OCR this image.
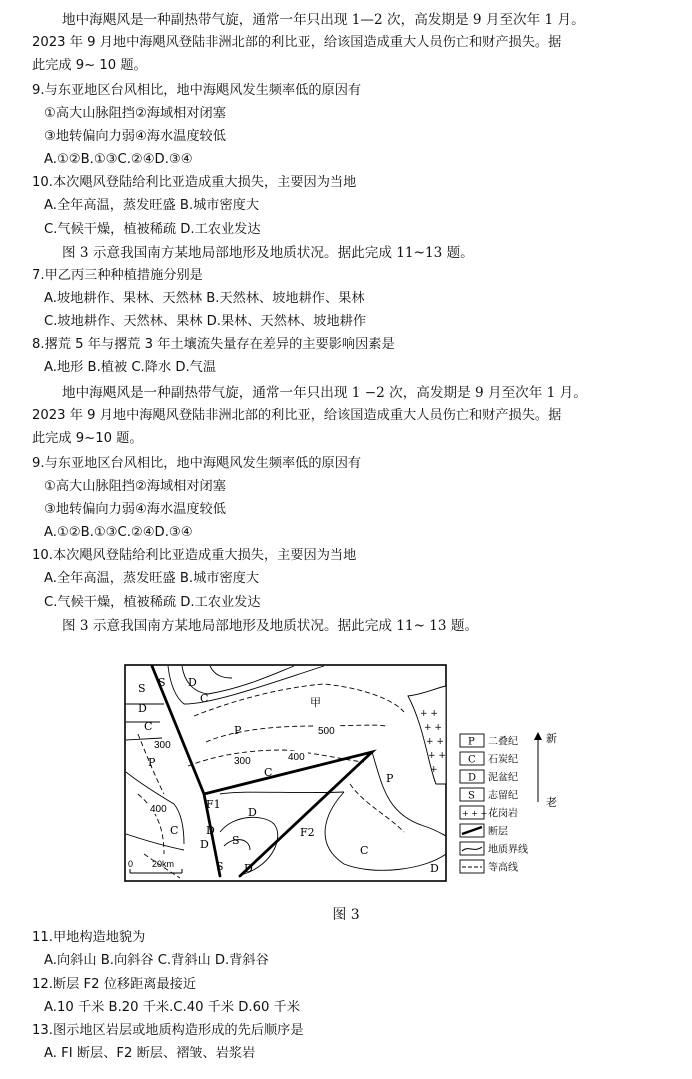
地中海飓风是一种副热带气旋，通常一年只出现 1—2 次，高发期是 9 月至次年 1 月。
2023 年 9 月地中海飓风登陆非洲北部的利比亚，给该国造成重大人员伤亡和财产损失。据
此完成 9~ 10 题。
9.与东亚地区台风相比，地中海飓风发生频率低的原因有
①高大山脉阻挡②海域相对闭塞
③地转偏向力弱④海水温度较低
A.①②B.①③C.②④D.③④
10.本次飓风登陆给利比亚造成重大损失，主要因为当地
A.全年高温，蒸发旺盛 B.城市密度大
C.气候干燥，植被稀疏 D.工农业发达
图 3 示意我国南方某地局部地形及地质状况。据此完成 11~13 题。
7.甲乙丙三种种植措施分别是
A.坡地耕作、果林、天然林 B.天然林、坡地耕作、果林
C.坡地耕作、天然林、果林 D.果林、天然林、坡地耕作
8.撂荒 5 年与撂荒 3 年土壤流失量存在差异的主要影响因素是
A.地形 B.植被 C.降水 D.气温
地中海飓风是一种副热带气旋，通常一年只出现 1 −2 次，高发期是 9 月至次年 1 月。
2023 年 9 月地中海飓风登陆非洲北部的利比亚，给该国造成重大人员伤亡和财产损失。据
此完成 9~10 题。
9.与东亚地区台风相比，地中海飓风发生频率低的原因有
①高大山脉阻挡②海域相对闭塞
③地转偏向力弱④海水温度较低
A.①②B.①③C.②④D.③④
10.本次飓风登陆给利比亚造成重大损失，主要因为当地
A.全年高温，蒸发旺盛 B.城市密度大
C.气候干燥，植被稀疏 D.工农业发达
图 3 示意我国南方某地局部地形及地质状况。据此完成 11~ 13 题。
11.甲地构造地貌为
A.向斜山 B.向斜谷 C.背斜山 D.背斜谷
12.断层 F2 位移距离最接近
A.10 千米 B.20 千米.C.40 千米 D.60 千米
13.图示地区岩层或地质构造形成的先后顺序是
A. FI 断层、F2 断层、褶皱、岩浆岩
+ +
+ +
+ +
+ +
+
0 20km
S S D
C	甲
P
D
C
P
C	P
D
F1
F2
D
S
C
C
S D	D
D
500
400
300
300
400
P 二叠纪
C 石炭纪
D 泥盆纪
S 志留纪
+ + + 花岗岩
断层
地质界线
等高线
新
老
图 3
